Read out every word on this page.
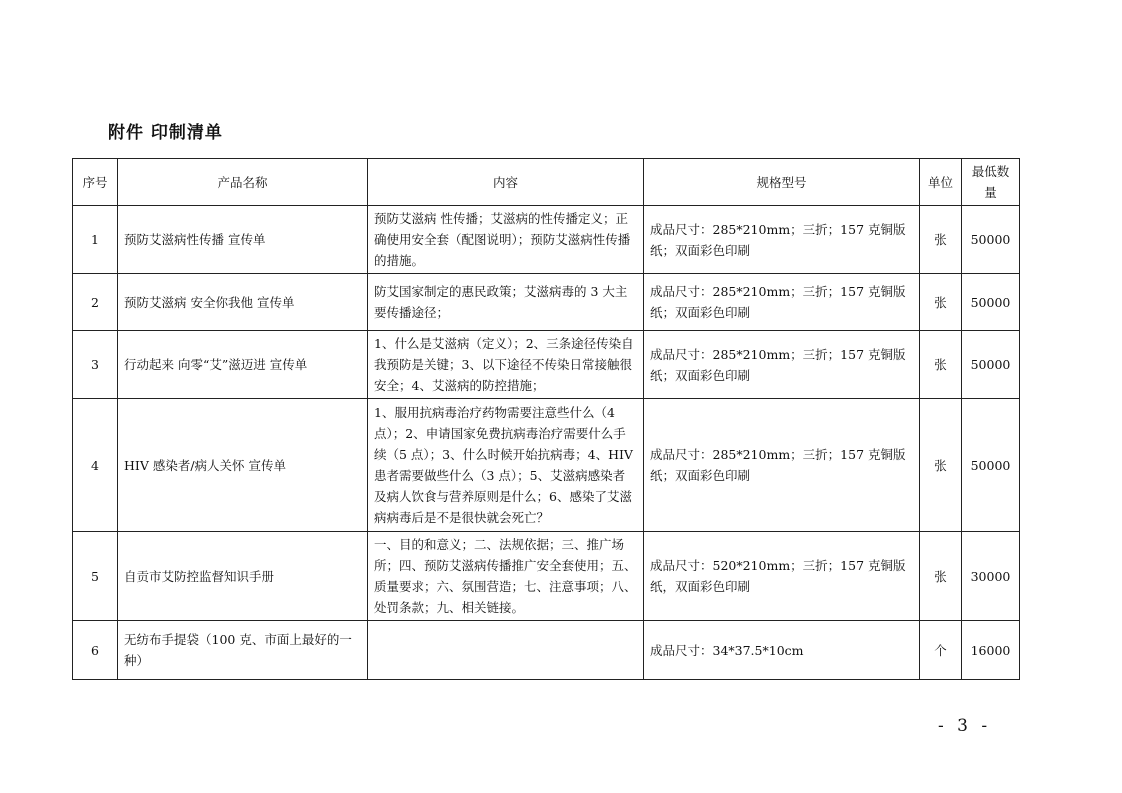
附件 印制清单
序号	产品名称	内容	规格型号	单位	最低数量
1	预防艾滋病性传播 宣传单	预防艾滋病 性传播；艾滋病的性传播定义；正确使用安全套（配图说明）；预防艾滋病性传播的措施。	成品尺寸：285*210mm；三折；157 克铜版纸；双面彩色印刷	张	50000
2	预防艾滋病 安全你我他 宣传单	防艾国家制定的惠民政策；艾滋病毒的 3 大主要传播途径；	成品尺寸：285*210mm；三折；157 克铜版纸；双面彩色印刷	张	50000
3	行动起来 向零“艾”滋迈进 宣传单	1、什么是艾滋病（定义）；2、三条途径传染自我预防是关键；3、以下途径不传染日常接触很安全；4、艾滋病的防控措施；	成品尺寸：285*210mm；三折；157 克铜版纸；双面彩色印刷	张	50000
4	HIV 感染者/病人关怀 宣传单	1、服用抗病毒治疗药物需要注意些什么（4 点）；2、申请国家免费抗病毒治疗需要什么手续（5 点）；3、什么时候开始抗病毒；4、HIV 患者需要做些什么（3 点）；5、艾滋病感染者及病人饮食与营养原则是什么；6、感染了艾滋病病毒后是不是很快就会死亡？	成品尺寸：285*210mm；三折；157 克铜版纸；双面彩色印刷	张	50000
5	自贡市艾防控监督知识手册	一、目的和意义；二、法规依据；三、推广场所；四、预防艾滋病传播推广安全套使用；五、质量要求；六、氛围营造；七、注意事项；八、处罚条款；九、相关链接。	成品尺寸：520*210mm；三折；157 克铜版纸，双面彩色印刷	张	30000
6	无纺布手提袋（100 克、市面上最好的一种）		成品尺寸：34*37.5*10cm	个	16000

- 3 -
